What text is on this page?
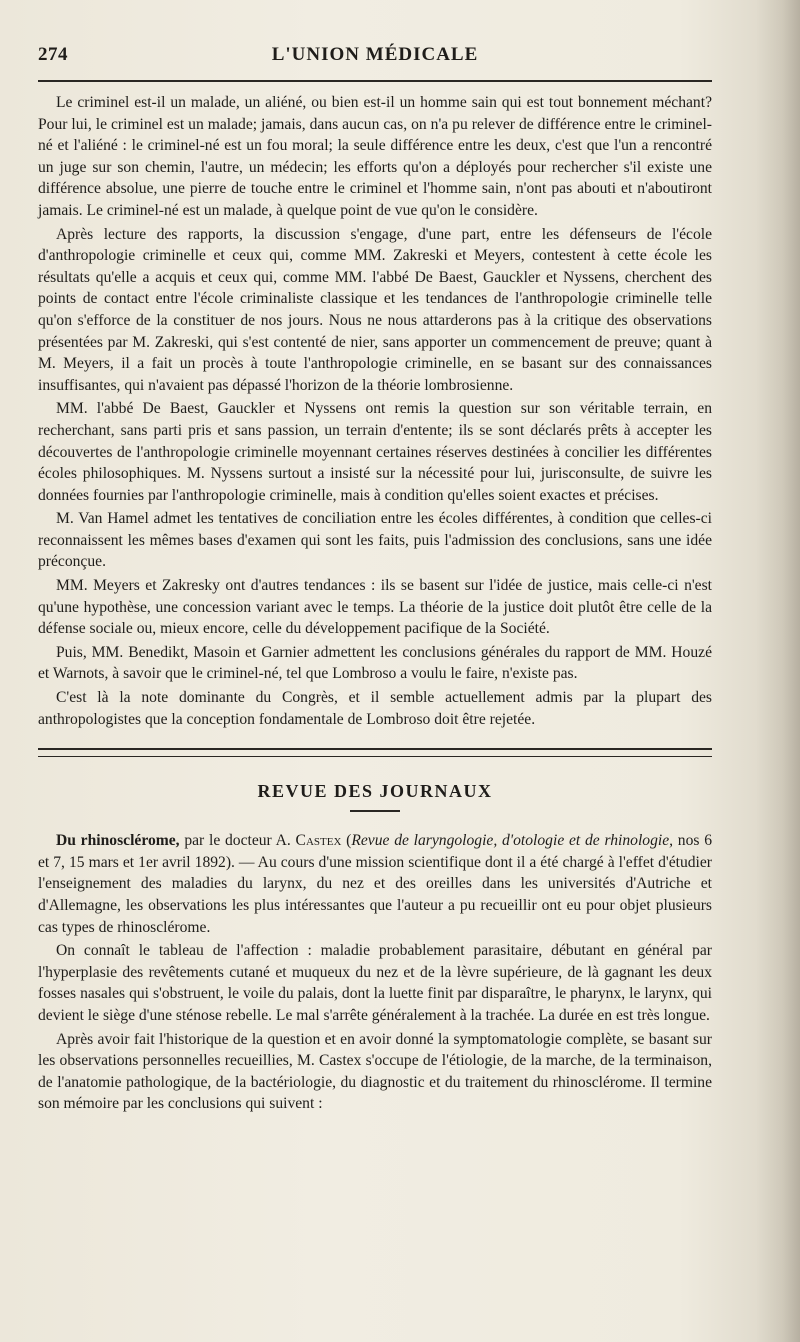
274	L'UNION MÉDICALE

Le criminel est-il un malade, un aliéné, ou bien est-il un homme sain qui est tout bonnement méchant? Pour lui, le criminel est un malade; jamais, dans aucun cas, on n'a pu relever de différence entre le criminel-né et l'aliéné : le criminel-né est un fou moral; la seule différence entre les deux, c'est que l'un a rencontré un juge sur son chemin, l'autre, un médecin; les efforts qu'on a déployés pour rechercher s'il existe une différence absolue, une pierre de touche entre le criminel et l'homme sain, n'ont pas abouti et n'aboutiront jamais. Le criminel-né est un malade, à quelque point de vue qu'on le considère.

Après lecture des rapports, la discussion s'engage, d'une part, entre les défenseurs de l'école d'anthropologie criminelle et ceux qui, comme MM. Zakreski et Meyers, contestent à cette école les résultats qu'elle a acquis et ceux qui, comme MM. l'abbé De Baest, Gauckler et Nyssens, cherchent des points de contact entre l'école criminaliste classique et les tendances de l'anthropologie criminelle telle qu'on s'efforce de la constituer de nos jours. Nous ne nous attarderons pas à la critique des observations présentées par M. Zakreski, qui s'est contenté de nier, sans apporter un commencement de preuve; quant à M. Meyers, il a fait un procès à toute l'anthropologie criminelle, en se basant sur des connaissances insuffisantes, qui n'avaient pas dépassé l'horizon de la théorie lombrosienne.

MM. l'abbé De Baest, Gauckler et Nyssens ont remis la question sur son véritable terrain, en recherchant, sans parti pris et sans passion, un terrain d'entente; ils se sont déclarés prêts à accepter les découvertes de l'anthropologie criminelle moyennant certaines réserves destinées à concilier les différentes écoles philosophiques. M. Nyssens surtout a insisté sur la nécessité pour lui, jurisconsulte, de suivre les données fournies par l'anthropologie criminelle, mais à condition qu'elles soient exactes et précises.

M. Van Hamel admet les tentatives de conciliation entre les écoles différentes, à condition que celles-ci reconnaissent les mêmes bases d'examen qui sont les faits, puis l'admission des conclusions, sans une idée préconçue.

MM. Meyers et Zakresky ont d'autres tendances : ils se basent sur l'idée de justice, mais celle-ci n'est qu'une hypothèse, une concession variant avec le temps. La théorie de la justice doit plutôt être celle de la défense sociale ou, mieux encore, celle du développement pacifique de la Société.

Puis, MM. Benedikt, Masoin et Garnier admettent les conclusions générales du rapport de MM. Houzé et Warnots, à savoir que le criminel-né, tel que Lombroso a voulu le faire, n'existe pas.

C'est là la note dominante du Congrès, et il semble actuellement admis par la plupart des anthropologistes que la conception fondamentale de Lombroso doit être rejetée.

REVUE DES JOURNAUX

Du rhinosclérome, par le docteur A. Castex (Revue de laryngologie, d'otologie et de rhinologie, nos 6 et 7, 15 mars et 1er avril 1892). — Au cours d'une mission scientifique dont il a été chargé à l'effet d'étudier l'enseignement des maladies du larynx, du nez et des oreilles dans les universités d'Autriche et d'Allemagne, les observations les plus intéressantes que l'auteur a pu recueillir ont eu pour objet plusieurs cas types de rhinosclérome.

On connaît le tableau de l'affection : maladie probablement parasitaire, débutant en général par l'hyperplasie des revêtements cutané et muqueux du nez et de la lèvre supérieure, de là gagnant les deux fosses nasales qui s'obstruent, le voile du palais, dont la luette finit par disparaître, le pharynx, le larynx, qui devient le siège d'une sténose rebelle. Le mal s'arrête généralement à la trachée. La durée en est très longue.

Après avoir fait l'historique de la question et en avoir donné la symptomatologie complète, se basant sur les observations personnelles recueillies, M. Castex s'occupe de l'étiologie, de la marche, de la terminaison, de l'anatomie pathologique, de la bactériologie, du diagnostic et du traitement du rhinosclérome. Il termine son mémoire par les conclusions qui suivent :
